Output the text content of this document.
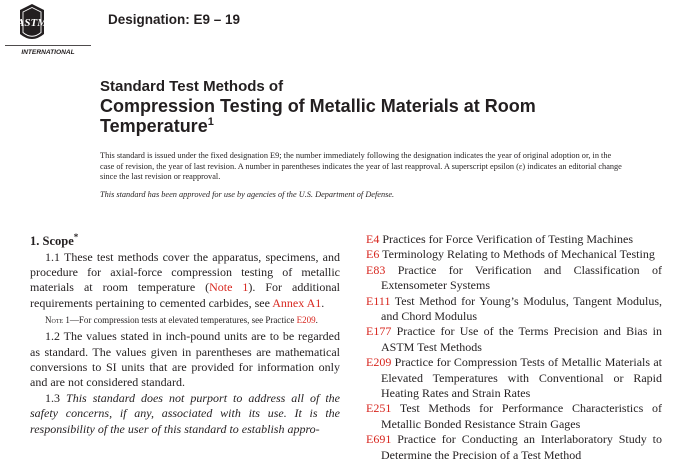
ASTM
INTERNATIONAL
Designation: E9 – 19
Standard Test Methods of
Compression Testing of Metallic Materials at Room
Temperature$^1$
This standard is issued under the fixed designation E9; the number immediately following the designation indicates the year of original adoption or, in the case of revision, the year of last revision. A number in parentheses indicates the year of last reapproval. A superscript epsilon (ε) indicates an editorial change since the last revision or reapproval.
This standard has been approved for use by agencies of the U.S. Department of Defense.

1. Scope*

1.1 These test methods cover the apparatus, specimens, and procedure for axial-force compression testing of metallic materials at room temperature (Note 1). For additional requirements pertaining to cemented carbides, see Annex A1.

Note 1—For compression tests at elevated temperatures, see Practice E209.

1.2 The values stated in inch-pound units are to be regarded as standard. The values given in parentheses are mathematical conversions to SI units that are provided for information only and are not considered standard.

1.3 This standard does not purport to address all of the safety concerns, if any, associated with its use. It is the responsibility of the user of this standard to establish appro-

E4 Practices for Force Verification of Testing Machines

E6 Terminology Relating to Methods of Mechanical Testing

E83 Practice for Verification and Classification of Extensometer Systems

E111 Test Method for Young’s Modulus, Tangent Modulus, and Chord Modulus

E177 Practice for Use of the Terms Precision and Bias in ASTM Test Methods

E209 Practice for Compression Tests of Metallic Materials at Elevated Temperatures with Conventional or Rapid Heating Rates and Strain Rates

E251 Test Methods for Performance Characteristics of Metallic Bonded Resistance Strain Gages

E691 Practice for Conducting an Interlaboratory Study to Determine the Precision of a Test Method
